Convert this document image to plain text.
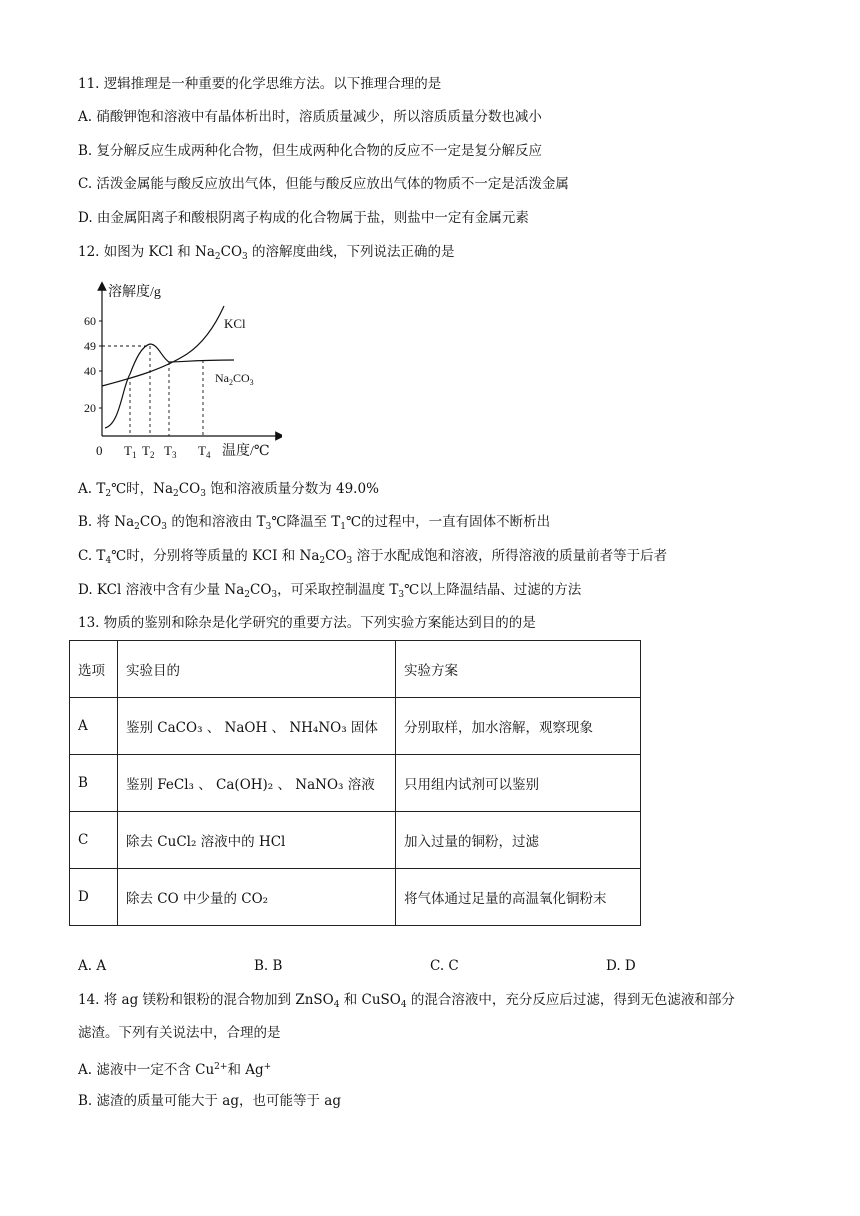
11. 逻辑推理是一种重要的化学思维方法。以下推理合理的是
A. 硝酸钾饱和溶液中有晶体析出时，溶质质量减少，所以溶质质量分数也减小
B. 复分解反应生成两种化合物，但生成两种化合物的反应不一定是复分解反应
C. 活泼金属能与酸反应放出气体，但能与酸反应放出气体的物质不一定是活泼金属
D. 由金属阳离子和酸根阴离子构成的化合物属于盐，则盐中一定有金属元素
12. 如图为 KCl 和 $Na_2CO_3$ 的溶解度曲线，下列说法正确的是
溶解度/g
温度/℃
60
49
40
20
0 $T_1$ $T_2$ $T_3$ $T_4$
KCl
$Na_2CO_3$
A. $T_2℃$时，$Na_2CO_3$ 饱和溶液质量分数为 49.0%
B. 将 $Na_2CO_3$ 的饱和溶液由 $T_3℃$降温至 $T_1℃$的过程中，一直有固体不断析出
C. $T_4℃$时，分别将等质量的 KCI 和 $Na_2CO_3$ 溶于水配成饱和溶液，所得溶液的质量前者等于后者
D. KCl 溶液中含有少量 $Na_2CO_3$，可采取控制温度 $T_3℃$以上降温结晶、过滤的方法
13. 物质的鉴别和除杂是化学研究的重要方法。下列实验方案能达到目的的是
选项	实验目的	实验方案
A	鉴别 CaCO₃ 、 NaOH 、 NH₄NO₃ 固体	分别取样，加水溶解，观察现象
B	鉴别 FeCl₃ 、 Ca(OH)₂ 、 NaNO₃ 溶液	只用组内试剂可以鉴别
C	除去 CuCl₂ 溶液中的 HCl	加入过量的铜粉，过滤
D	除去 CO 中少量的 CO₂	将气体通过足量的高温氧化铜粉末
A. A	B. B	C. C	D. D
14. 将 ag 镁粉和银粉的混合物加到 ZnSO$_4$ 和 CuSO$_4$ 的混合溶液中，充分反应后过滤，得到无色滤液和部分
滤渣。下列有关说法中，合理的是
A. 滤液中一定不含 $Cu^{2+}$和 Ag+
B. 滤渣的质量可能大于 ag，也可能等于 ag
